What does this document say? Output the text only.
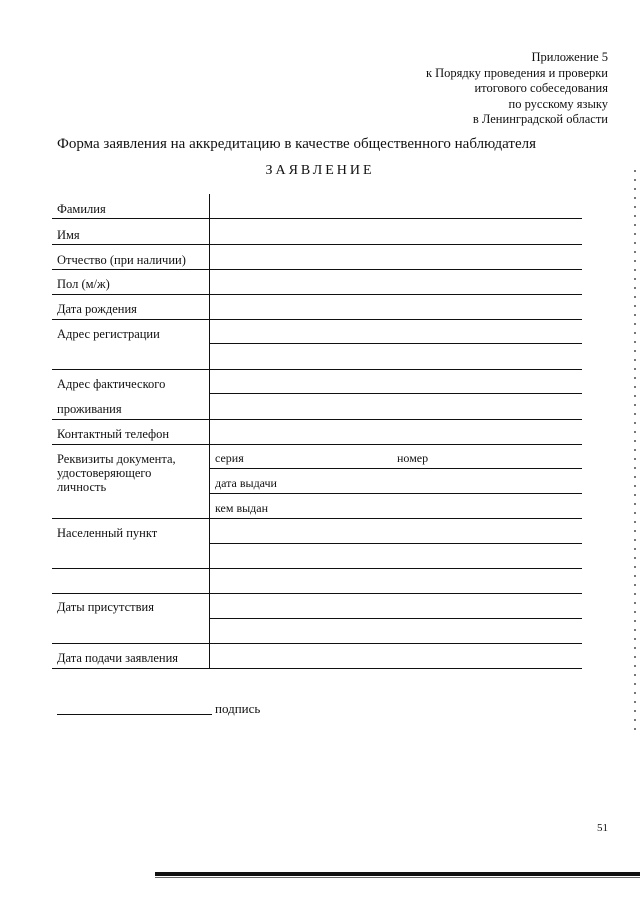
Приложение 5
к Порядку проведения и проверки
итогового собеседования
по русскому языку
в Ленинградской области
Форма заявления на аккредитацию в качестве общественного наблюдателя
ЗАЯВЛЕНИЕ
Фамилия
Имя
Отчество (при наличии)
Пол (м/ж)
Дата рождения
Адрес регистрации
Адрес фактического
проживания
Контактный телефон
Реквизиты документа,
удостоверяющего
личность
Населенный пункт
Даты присутствия
Дата подачи заявления
серия	номер
дата выдачи
кем выдан
подпись
51
